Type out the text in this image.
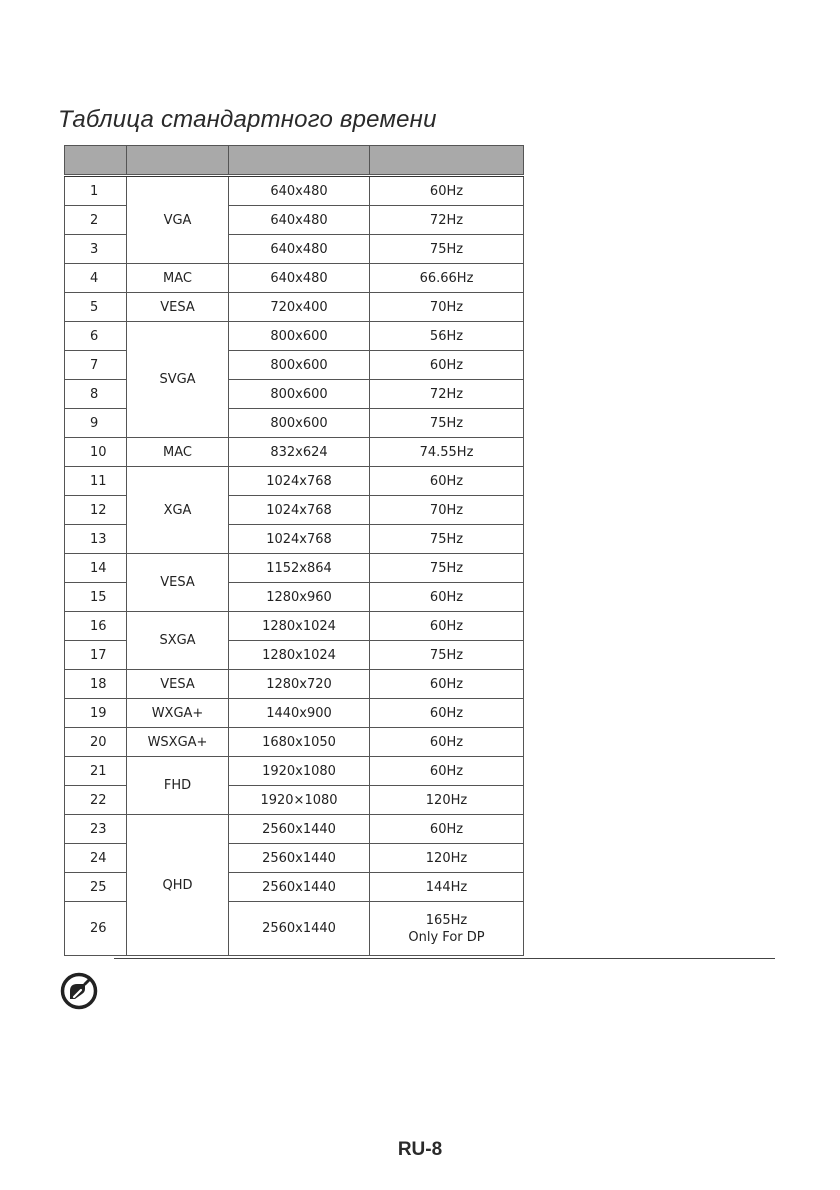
Таблица стандартного времени

1	VGA	640x480	60Hz
2		640x480	72Hz
3		640x480	75Hz
4	MAC	640x480	66.66Hz
5	VESA	720x400	70Hz
6	SVGA	800x600	56Hz
7		800x600	60Hz
8		800x600	72Hz
9		800x600	75Hz
10	MAC	832x624	74.55Hz
11	XGA	1024x768	60Hz
12		1024x768	70Hz
13		1024x768	75Hz
14	VESA	1152x864	75Hz
15		1280x960	60Hz
16	SXGA	1280x1024	60Hz
17		1280x1024	75Hz
18	VESA	1280x720	60Hz
19	WXGA+	1440x900	60Hz
20	WSXGA+	1680x1050	60Hz
21	FHD	1920x1080	60Hz
22		1920×1080	120Hz
23	QHD	2560x1440	60Hz
24		2560x1440	120Hz
25		2560x1440	144Hz
26		2560x1440	165Hz
Only For DP
RU-8
